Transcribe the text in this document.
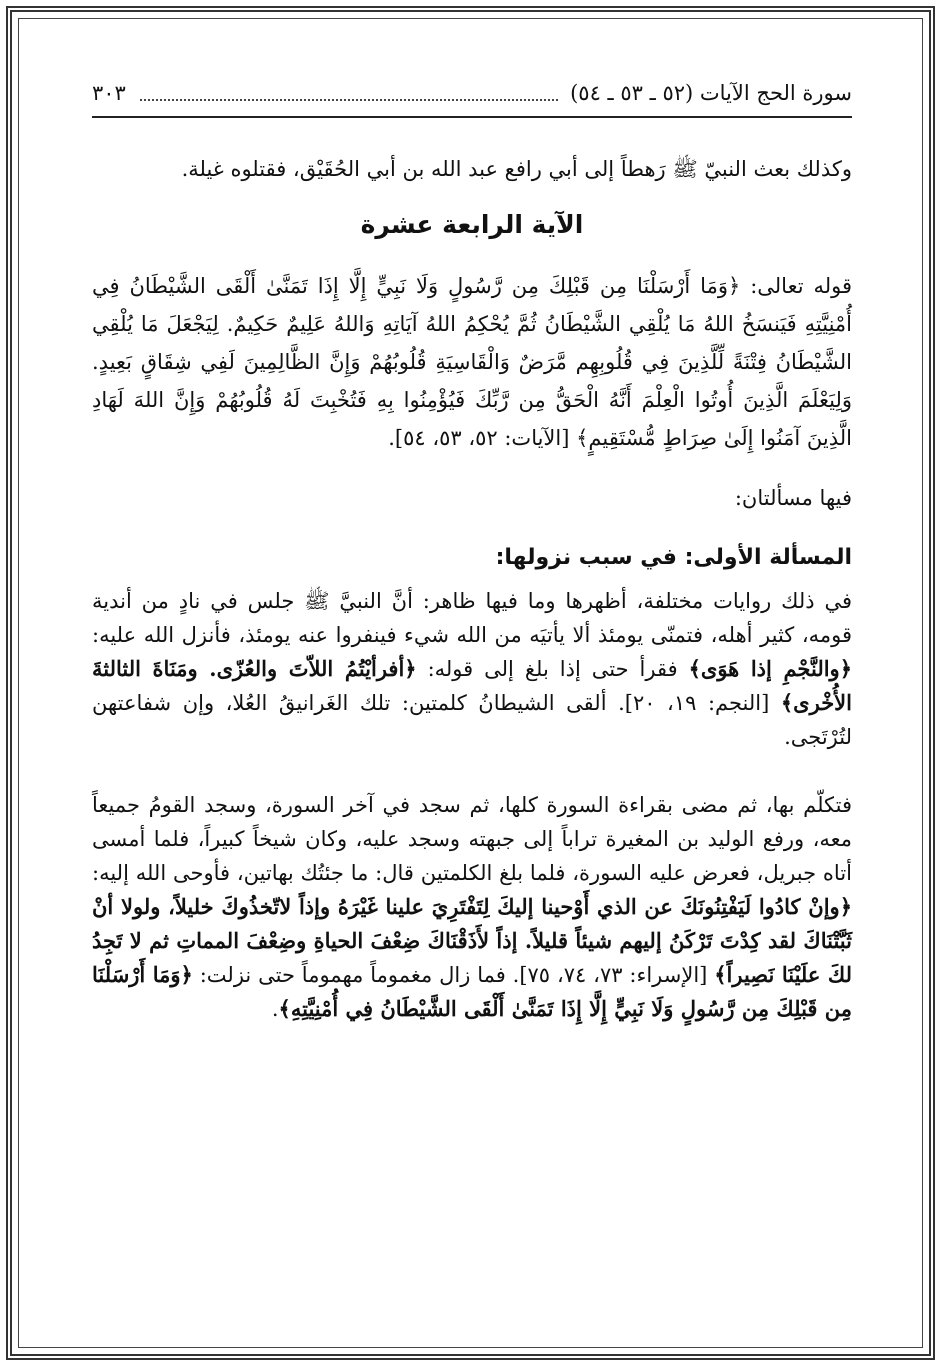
سورة الحج الآيات (٥٢ ـ ٥٣ ـ ٥٤)
٣٠٣

وكذلك بعث النبيّ ﷺ رَهطاً إلى أبي رافع عبد الله بن أبي الحُقَيْق، فقتلوه غيلة.

الآية الرابعة عشرة

قوله تعالى: ﴿وَمَا أَرْسَلْنَا مِن قَبْلِكَ مِن رَّسُولٍ وَلَا نَبِيٍّ إِلَّا إِذَا تَمَنَّىٰ أَلْقَى الشَّيْطَانُ فِي أُمْنِيَّتِهِ فَيَنسَخُ اللهُ مَا يُلْقِي الشَّيْطَانُ ثُمَّ يُحْكِمُ اللهُ آيَاتِهِ وَاللهُ عَلِيمٌ حَكِيمٌ. لِيَجْعَلَ مَا يُلْقِي الشَّيْطَانُ فِتْنَةً لِّلَّذِينَ فِي قُلُوبِهِم مَّرَضٌ وَالْقَاسِيَةِ قُلُوبُهُمْ وَإِنَّ الظَّالِمِينَ لَفِي شِقَاقٍ بَعِيدٍ. وَلِيَعْلَمَ الَّذِينَ أُوتُوا الْعِلْمَ أَنَّهُ الْحَقُّ مِن رَّبِّكَ فَيُؤْمِنُوا بِهِ فَتُخْبِتَ لَهُ قُلُوبُهُمْ وَإِنَّ اللهَ لَهَادِ الَّذِينَ آمَنُوا إِلَىٰ صِرَاطٍ مُّسْتَقِيمٍ﴾ [الآيات: ٥٢، ٥٣، ٥٤].

فيها مسألتان:

المسألة الأولى: في سبب نزولها:

في ذلك روايات مختلفة، أظهرها وما فيها ظاهر: أنَّ النبيَّ ﷺ جلس في نادٍ من أندية قومه، كثير أهله، فتمنّى يومئذ ألا يأتيَه من الله شيء فينفروا عنه يومئذ، فأنزل الله عليه: ﴿والنَّجْمِ إذا هَوَى﴾ فقرأ حتى إذا بلغ إلى قوله: ﴿أفرأيْتُمُ اللاّتَ والعُزّى. ومَنَاةَ الثالثةَ الأُخْرى﴾ [النجم: ١٩، ٢٠]. ألقى الشيطانُ كلمتين: تلك الغَرانيقُ العُلا، وإن شفاعتهن لتُرْتَجى.

فتكلّم بها، ثم مضى بقراءة السورة كلها، ثم سجد في آخر السورة، وسجد القومُ جميعاً معه، ورفع الوليد بن المغيرة تراباً إلى جبهته وسجد عليه، وكان شيخاً كبيراً، فلما أمسى أتاه جبريل، فعرض عليه السورة، فلما بلغ الكلمتين قال: ما جئتُك بهاتين، فأوحى الله إليه: ﴿وإنْ كادُوا لَيَفْتِنُونَكَ عن الذي أَوْحينا إليكَ لِتَفْتَرِيَ علينا غَيْرَهُ وإذاً لاتّخذُوكَ خليلاً، ولولا أنْ ثَبَّتْنَاكَ لقد كِدْتَ تَرْكَنُ إليهم شيئاً قليلاً. إذاً لأَذَقْنَاكَ ضِعْفَ الحياةِ وضِعْفَ المماتِ ثم لا تَجِدُ لكَ علَيْنَا نَصِيراً﴾ [الإسراء: ٧٣، ٧٤، ٧٥]. فما زال مغموماً مهموماً حتى نزلت: ﴿وَمَا أَرْسَلْنَا مِن قَبْلِكَ مِن رَّسُولٍ وَلَا نَبِيٍّ إِلَّا إِذَا تَمَنَّىٰ أَلْقَى الشَّيْطَانُ فِي أُمْنِيَّتِهِ﴾.
